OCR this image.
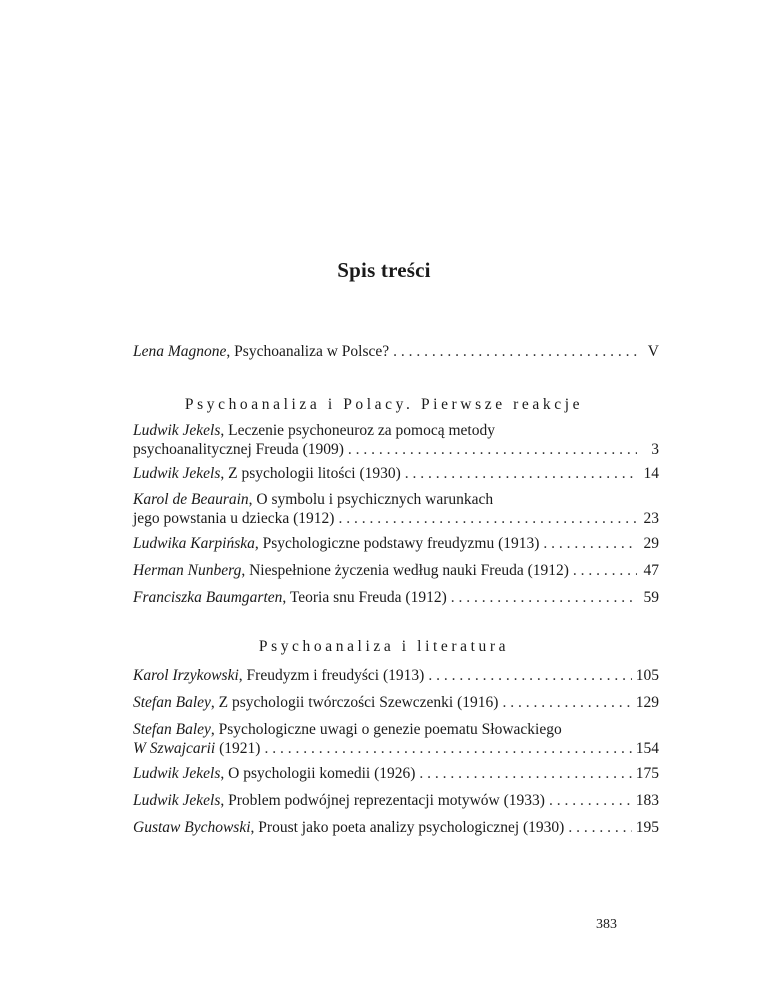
Spis treści
Lena Magnone , Psychoanaliza w Polsce? . . .	V
Psychoanaliza i Polacy. Pierwsze reakcje
Ludwik Jekels, Leczenie psychoneuroz za pomocą metody
psychoanalitycznej Freuda (1909) . . .	3
Ludwik Jekels , Z psychologii litości (1930) . . .	14
Karol de Beaurain, O symbolu i psychicznych warunkach
jego powstania u dziecka (1912) . . .	23
Ludwika Karpińska , Psychologiczne podstawy freudyzmu (1913) . . .	29
Herman Nunberg , Niespełnione życzenia według nauki Freuda (1912) . . .	47
Franciszka Baumgarten , Teoria snu Freuda (1912) . . .	59
Psychoanaliza i literatura
Karol Irzykowski , Freudyzm i freudyści (1913) . . .	105
Stefan Baley , Z psychologii twórczości Szewczenki (1916) . . .	129
Stefan Baley, Psychologiczne uwagi o genezie poematu Słowackiego
W Szwajcarii (1921) . . .	154
Ludwik Jekels , O psychologii komedii (1926) . . .	175
Ludwik Jekels , Problem podwójnej reprezentacji motywów (1933) . . .	183
Gustaw Bychowski , Proust jako poeta analizy psychologicznej (1930) . . .	195
383
